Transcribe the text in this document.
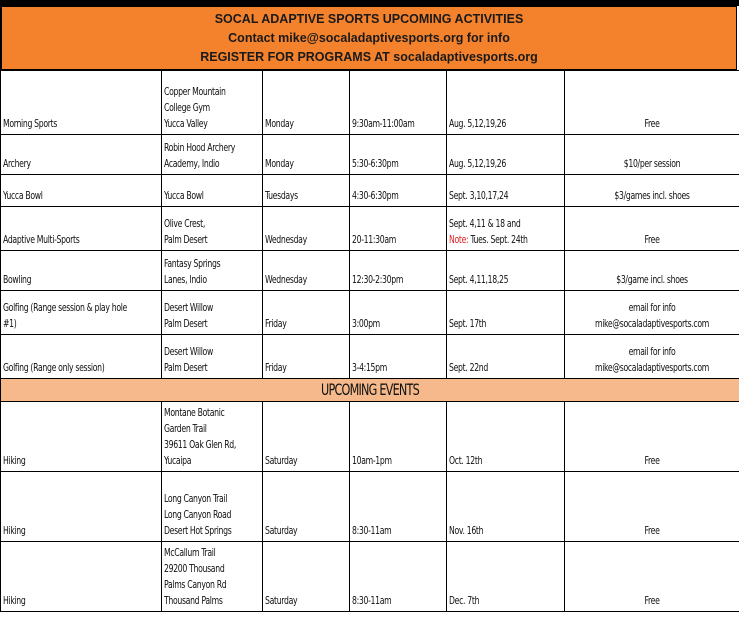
SOCAL ADAPTIVE SPORTS UPCOMING ACTIVITIES
Contact mike@socaladaptivesports.org for info
REGISTER FOR PROGRAMS AT socaladaptivesports.org
Morning Sports	Copper Mountain
College Gym
Yucca Valley	Monday	9:30am-11:00am	Aug. 5,12,19,26	Free

Archery	Robin Hood Archery
Academy, Indio	Monday	5:30-6:30pm	Aug. 5,12,19,26	$10/per session

Yucca Bowl	Yucca Bowl	Tuesdays	4:30-6:30pm	Sept. 3,10,17,24	$3/games incl. shoes

Adaptive Multi-Sports	Olive Crest,
Palm Desert	Wednesday	20-11:30am	Sept. 4,11 & 18 and
Note: Tues. Sept. 24th	Free

Bowling	Fantasy Springs
Lanes, Indio	Wednesday	12:30-2:30pm	Sept. 4,11,18,25	$3/game incl. shoes

Golfing (Range session & play hole
#1)	Desert Willow
Palm Desert	Friday	3:00pm	Sept. 17th	email for info
mike@socaladaptivesports.com

Golfing (Range only session)	Desert Willow
Palm Desert	Friday	3-4:15pm	Sept. 22nd	email for info
mike@socaladaptivesports.com

UPCOMING EVENTS					

Hiking	Montane Botanic
Garden Trail
39611 Oak Glen Rd,
Yucaipa	Saturday	10am-1pm	Oct. 12th	Free

Hiking	Long Canyon Trail
Long Canyon Road
Desert Hot Springs	Saturday	8:30-11am	Nov. 16th	Free

Hiking	McCallum Trail
29200 Thousand
Palms Canyon Rd
Thousand Palms	Saturday	8:30-11am	Dec. 7th	Free
